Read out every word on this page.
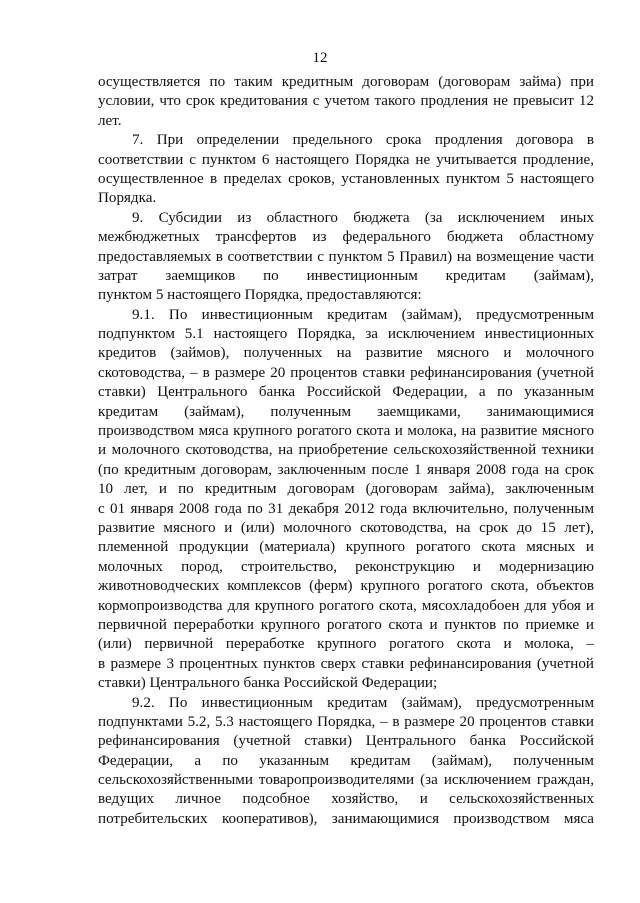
12
осуществляется по таким кредитным договорам (договорам займа) при
условии, что срок кредитования с учетом такого продления не превысит 12
лет.
7. При определении предельного срока продления договора в
соответствии с пунктом 6 настоящего Порядка не учитывается продление,
осуществленное в пределах сроков, установленных пунктом 5 настоящего
Порядка.
9. Субсидии из областного бюджета (за исключением иных
межбюджетных трансфертов из федерального бюджета областному
предоставляемых в соответствии с пунктом 5 Правил) на возмещение части
затрат заемщиков по инвестиционным кредитам (займам),
пунктом 5 настоящего Порядка, предоставляются:
9.1. По инвестиционным кредитам (займам), предусмотренным
подпунктом 5.1 настоящего Порядка, за исключением инвестиционных
кредитов (займов), полученных на развитие мясного и молочного
скотоводства, – в размере 20 процентов ставки рефинансирования (учетной
ставки) Центрального банка Российской Федерации, а по указанным
кредитам (займам), полученным заемщиками, занимающимися
производством мяса крупного рогатого скота и молока, на развитие мясного
и молочного скотоводства, на приобретение сельскохозяйственной техники
(по кредитным договорам, заключенным после 1 января 2008 года на срок
10 лет, и по кредитным договорам (договорам займа), заключенным
с 01 января 2008 года по 31 декабря 2012 года включительно, полученным
развитие мясного и (или) молочного скотоводства, на срок до 15 лет),
племенной продукции (материала) крупного рогатого скота мясных и
молочных пород, строительство, реконструкцию и модернизацию
животноводческих комплексов (ферм) крупного рогатого скота, объектов
кормопроизводства для крупного рогатого скота, мясохладобоен для убоя и
первичной переработки крупного рогатого скота и пунктов по приемке и
(или) первичной переработке крупного рогатого скота и молока, –
в размере 3 процентных пунктов сверх ставки рефинансирования (учетной
ставки) Центрального банка Российской Федерации;
9.2. По инвестиционным кредитам (займам), предусмотренным
подпунктами 5.2, 5.3 настоящего Порядка, – в размере 20 процентов ставки
рефинансирования (учетной ставки) Центрального банка Российской
Федерации, а по указанным кредитам (займам), полученным
сельскохозяйственными товаропроизводителями (за исключением граждан,
ведущих личное подсобное хозяйство, и сельскохозяйственных
потребительских кооперативов), занимающимися производством мяса
